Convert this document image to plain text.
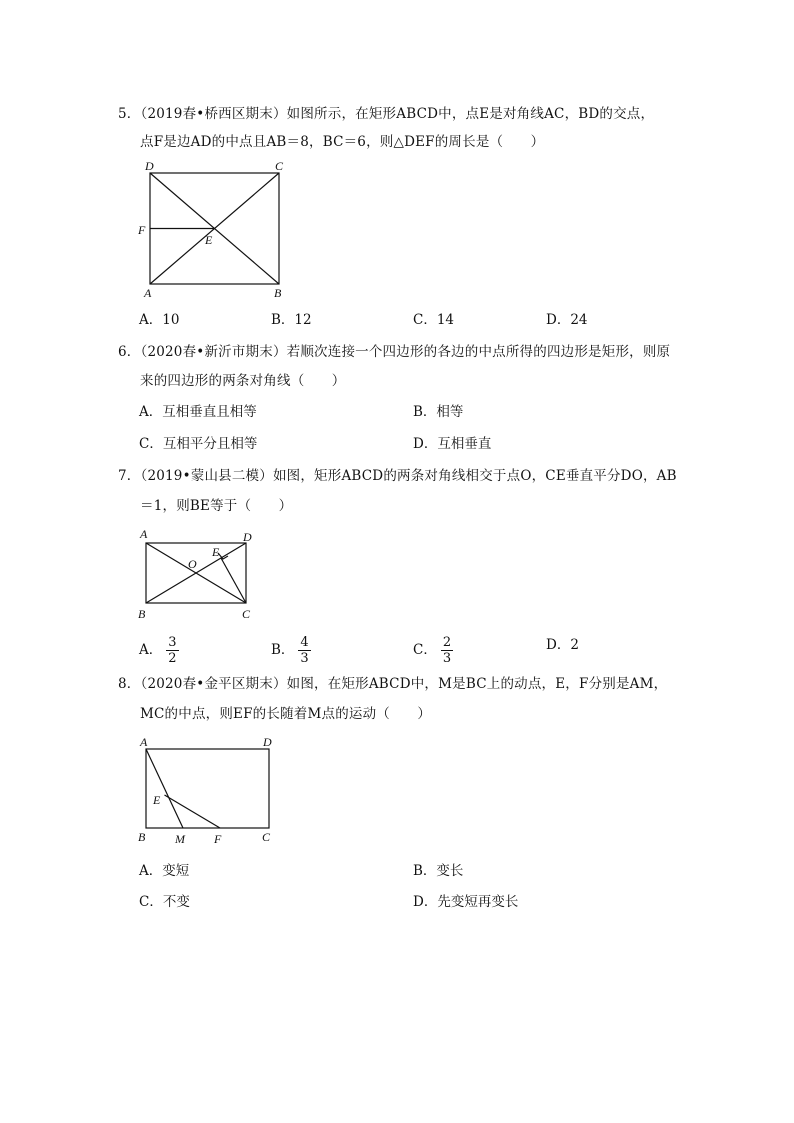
5．（2019春•桥西区期末）如图所示，在矩形ABCD中，点E是对角线AC，BD的交点，
点F是边AD的中点且AB＝8，BC＝6，则△DEF的周长是（　　）
D	C
F
E
A	B
A．10	B．12	C．14	D．24
6．（2020春•新沂市期末）若顺次连接一个四边形的各边的中点所得的四边形是矩形，则原
来的四边形的两条对角线（　　）
A．互相垂直且相等	B．相等
C．互相平分且相等	D．互相垂直
7．（2019•蒙山县二模）如图，矩形ABCD的两条对角线相交于点O，CE垂直平分DO，AB
＝1，则BE等于（　　）
A	D
E
O
B	C
A． $\frac{3}{2}$	B． $\frac{4}{3}$	C． $\frac{2}{3}$	D．2
8．（2020春•金平区期末）如图，在矩形ABCD中，M是BC上的动点，E，F分别是AM，
MC的中点，则EF的长随着M点的运动（　　）
A	D
E
B M F	C
A．变短	B．变长
C．不变	D．先变短再变长
